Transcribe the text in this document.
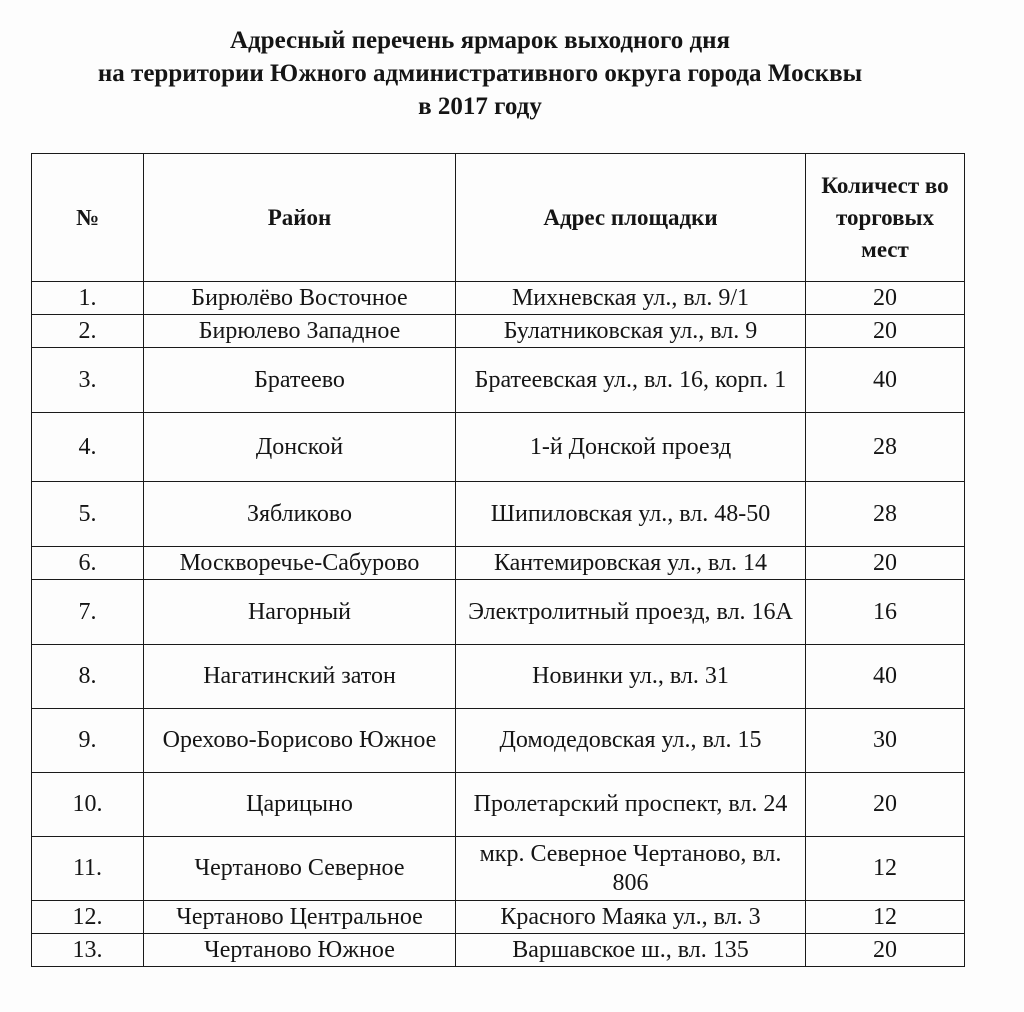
Адресный перечень ярмарок выходного дня
на территории Южного административного округа города Москвы
в 2017 году
№	Район	Адрес площадки	Количест во торговых мест

1.	Бирюлёво Восточное	Михневская ул., вл. 9/1	20
2.	Бирюлево Западное	Булатниковская ул., вл. 9	20
3.	Братеево	Братеевская ул., вл. 16, корп. 1	40
4.	Донской	1-й Донской проезд	28
5.	Зябликово	Шипиловская ул., вл. 48-50	28
6.	Москворечье-Сабурово	Кантемировская ул., вл. 14	20
7.	Нагорный	Электролитный проезд, вл. 16А	16
8.	Нагатинский затон	Новинки ул., вл. 31	40
9.	Орехово-Борисово Южное	Домодедовская ул., вл. 15	30
10.	Царицыно	Пролетарский проспект, вл. 24	20
11.	Чертаново Северное	мкр. Северное Чертаново, вл. 806	12
12.	Чертаново Центральное	Красного Маяка ул., вл. 3	12
13.	Чертаново Южное	Варшавское ш., вл. 135	20
